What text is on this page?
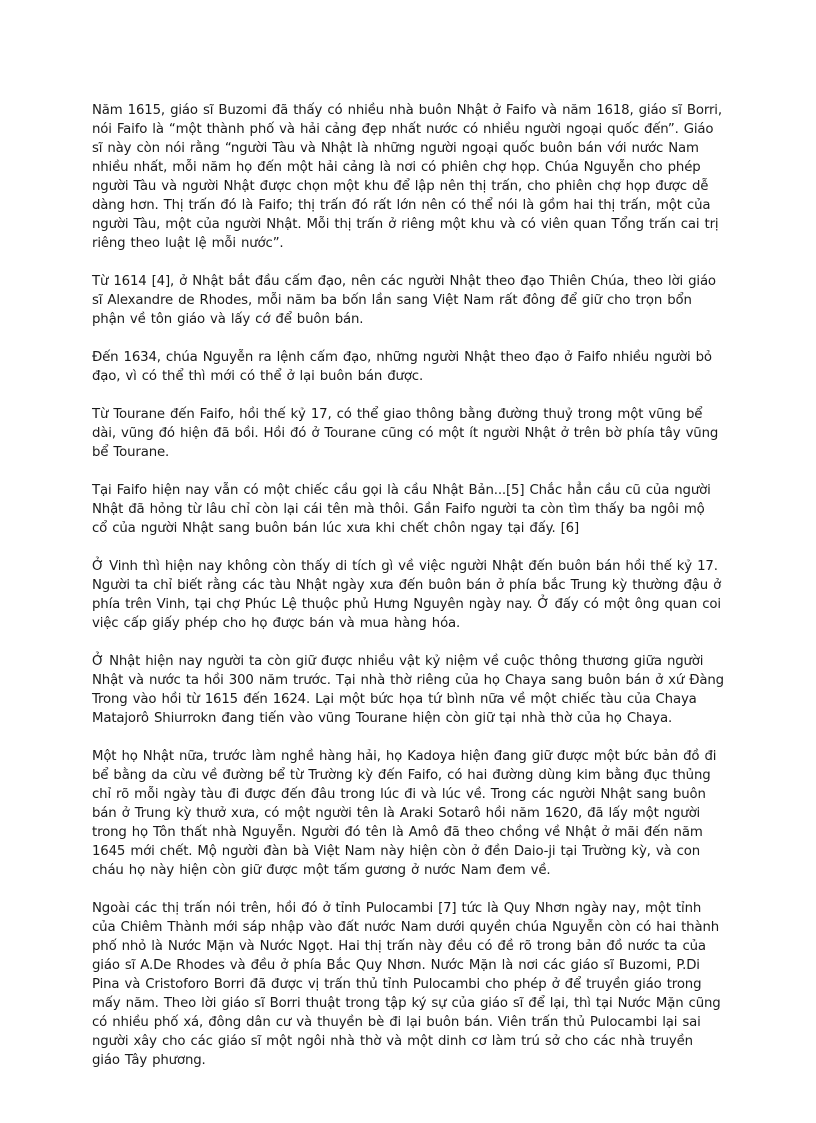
Năm 1615, giáo sĩ Buzomi đã thấy có nhiều nhà buôn Nhật ở Faifo và năm 1618, giáo sĩ Borri, nói Faifo là “một thành phố và hải cảng đẹp nhất nước có nhiều người ngoại quốc đến”. Giáo sĩ này còn nói rằng “người Tàu và Nhật là những người ngoại quốc buôn bán với nước Nam nhiều nhất, mỗi năm họ đến một hải cảng là nơi có phiên chợ họp. Chúa Nguyễn cho phép người Tàu và người Nhật được chọn một khu để lập nên thị trấn, cho phiên chợ họp được dễ dàng hơn. Thị trấn đó là Faifo; thị trấn đó rất lớn nên có thể nói là gồm hai thị trấn, một của người Tàu, một của người Nhật. Mỗi thị trấn ở riêng một khu và có viên quan Tổng trấn cai trị riêng theo luật lệ mỗi nước”.

Từ 1614 [4], ở Nhật bắt đầu cấm đạo, nên các người Nhật theo đạo Thiên Chúa, theo lời giáo sĩ Alexandre de Rhodes, mỗi năm ba bốn lần sang Việt Nam rất đông để giữ cho trọn bổn phận về tôn giáo và lấy cớ để buôn bán.

Đến 1634, chúa Nguyễn ra lệnh cấm đạo, những người Nhật theo đạo ở Faifo nhiều người bỏ đạo, vì có thể thì mới có thể ở lại buôn bán được.

Từ Tourane đến Faifo, hồi thế kỷ 17, có thể giao thông bằng đường thuỷ trong một vũng bể dài, vũng đó hiện đã bồi. Hồi đó ở Tourane cũng có một ít người Nhật ở trên bờ phía tây vũng bể Tourane.

Tại Faifo hiện nay vẫn có một chiếc cầu gọi là cầu Nhật Bản...[5] Chắc hẳn cầu cũ của người Nhật đã hỏng từ lâu chỉ còn lại cái tên mà thôi. Gần Faifo người ta còn tìm thấy ba ngôi mộ cổ của người Nhật sang buôn bán lúc xưa khi chết chôn ngay tại đấy. [6]

Ở Vinh thì hiện nay không còn thấy di tích gì về việc người Nhật đến buôn bán hồi thế kỷ 17. Người ta chỉ biết rằng các tàu Nhật ngày xưa đến buôn bán ở phía bắc Trung kỳ thường đậu ở phía trên Vinh, tại chợ Phúc Lệ thuộc phủ Hưng Nguyên ngày nay. Ở đấy có một ông quan coi việc cấp giấy phép cho họ được bán và mua hàng hóa.

Ở Nhật hiện nay người ta còn giữ được nhiều vật kỷ niệm về cuộc thông thương giữa người Nhật và nước ta hồi 300 năm trước. Tại nhà thờ riêng của họ Chaya sang buôn bán ở xứ Đàng Trong vào hồi từ 1615 đến 1624. Lại một bức họa tứ bình nữa về một chiếc tàu của Chaya Matajorô Shiurrokn đang tiến vào vũng Tourane hiện còn giữ tại nhà thờ của họ Chaya.

Một họ Nhật nữa, trước làm nghề hàng hải, họ Kadoya hiện đang giữ được một bức bản đồ đi bể bằng da cừu về đường bể từ Trường kỳ đến Faifo, có hai đường dùng kim bằng đục thủng chỉ rõ mỗi ngày tàu đi được đến đâu trong lúc đi và lúc về. Trong các người Nhật sang buôn bán ở Trung kỳ thưở xưa, có một người tên là Araki Sotarô hồi năm 1620, đã lấy một người trong họ Tôn thất nhà Nguyễn. Người đó tên là Amô đã theo chồng về Nhật ở mãi đến năm 1645 mới chết. Mộ người đàn bà Việt Nam này hiện còn ở đền Daio-ji tại Trường kỳ, và con cháu họ này hiện còn giữ được một tấm gương ở nước Nam đem về.

Ngoài các thị trấn nói trên, hồi đó ở tỉnh Pulocambi [7] tức là Quy Nhơn ngày nay, một tỉnh của Chiêm Thành mới sáp nhập vào đất nước Nam dưới quyền chúa Nguyễn còn có hai thành phố nhỏ là Nước Mặn và Nước Ngọt. Hai thị trấn này đều có đề rõ trong bản đồ nước ta của giáo sĩ A.De Rhodes và đều ở phía Bắc Quy Nhơn. Nước Mặn là nơi các giáo sĩ Buzomi, P.Di Pina và Cristoforo Borri đã được vị trấn thủ tỉnh Pulocambi cho phép ở để truyền giáo trong mấy năm. Theo lời giáo sĩ Borri thuật trong tập ký sự của giáo sĩ để lại, thì tại Nước Mặn cũng có nhiều phố xá, đông dân cư và thuyền bè đi lại buôn bán. Viên trấn thủ Pulocambi lại sai người xây cho các giáo sĩ một ngôi nhà thờ và một dinh cơ làm trú sở cho các nhà truyền giáo Tây phương.
